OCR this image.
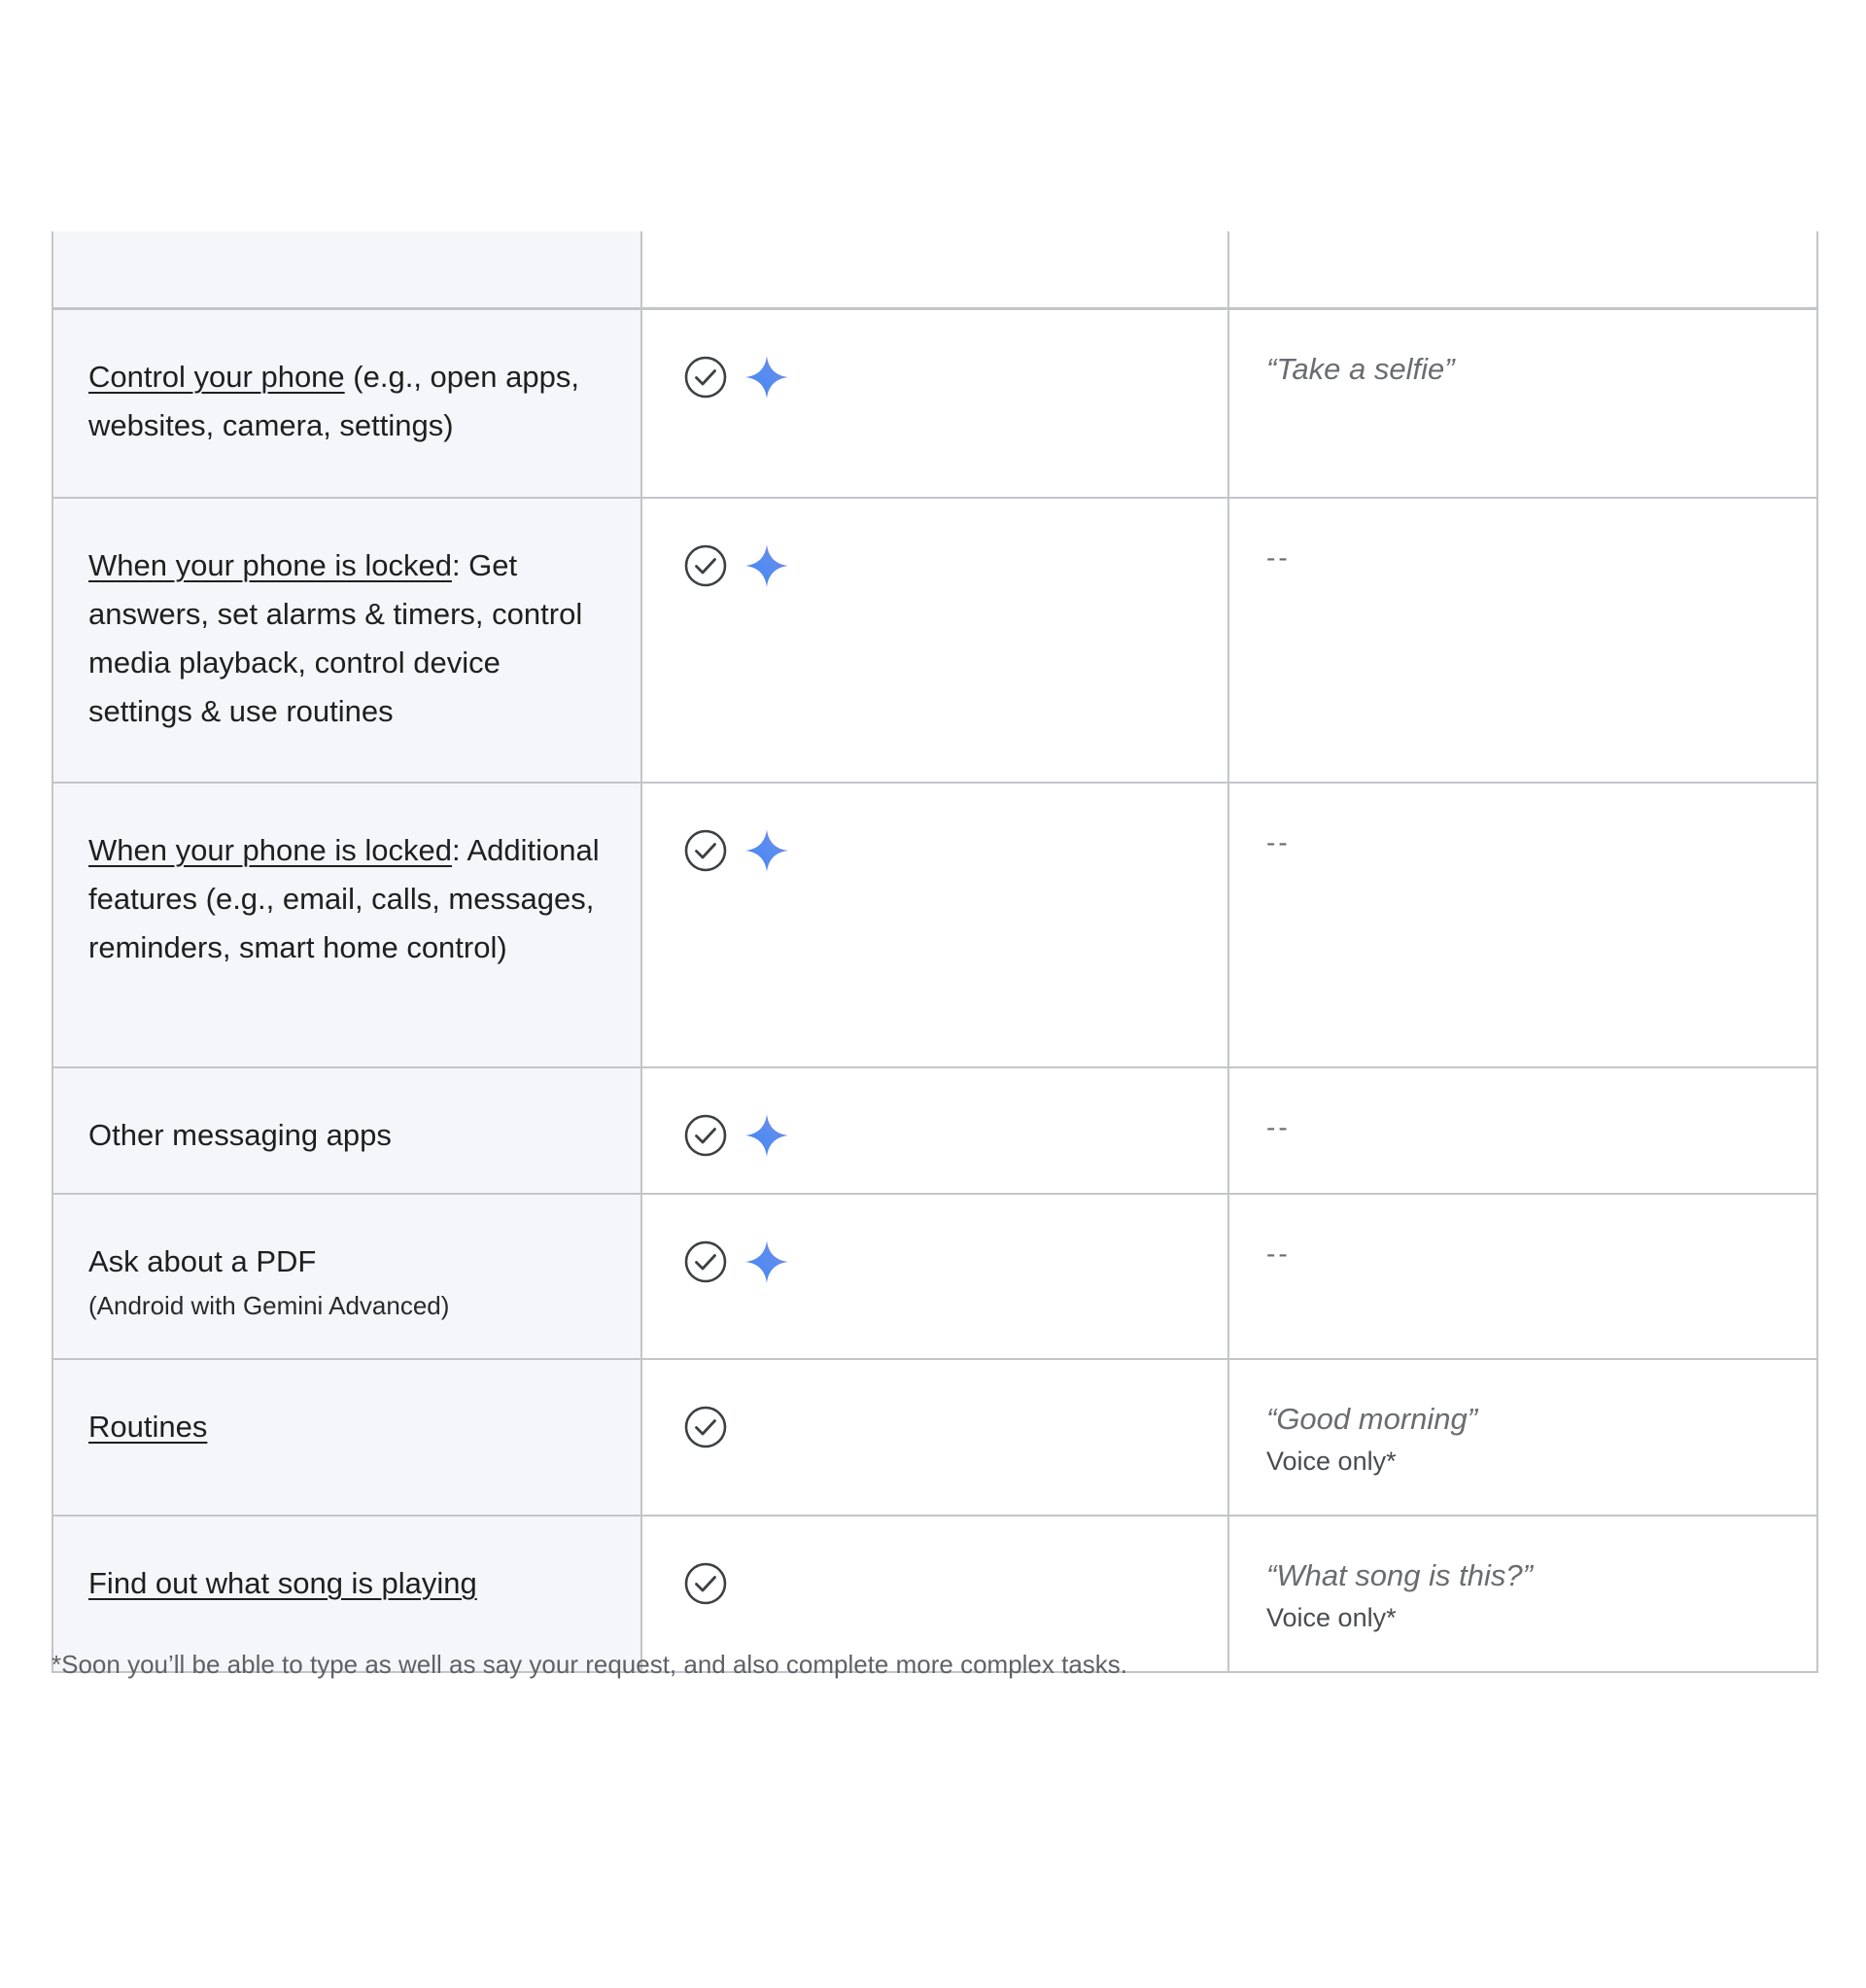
Control your phone (e.g., open apps, websites, camera, settings)		“Take a selfie”

When your phone is locked: Get answers, set alarms & timers, control media playback, control device settings & use routines		--

When your phone is locked: Additional features (e.g., email, calls, messages, reminders, smart home control)		--

Other messaging apps		--

Ask about a PDF
(Android with Gemini Advanced)		--

Routines		“Good morning”
Voice only*

Find out what song is playing		“What song is this?”
Voice only*
*Soon you’ll be able to type as well as say your request, and also complete more complex tasks.
